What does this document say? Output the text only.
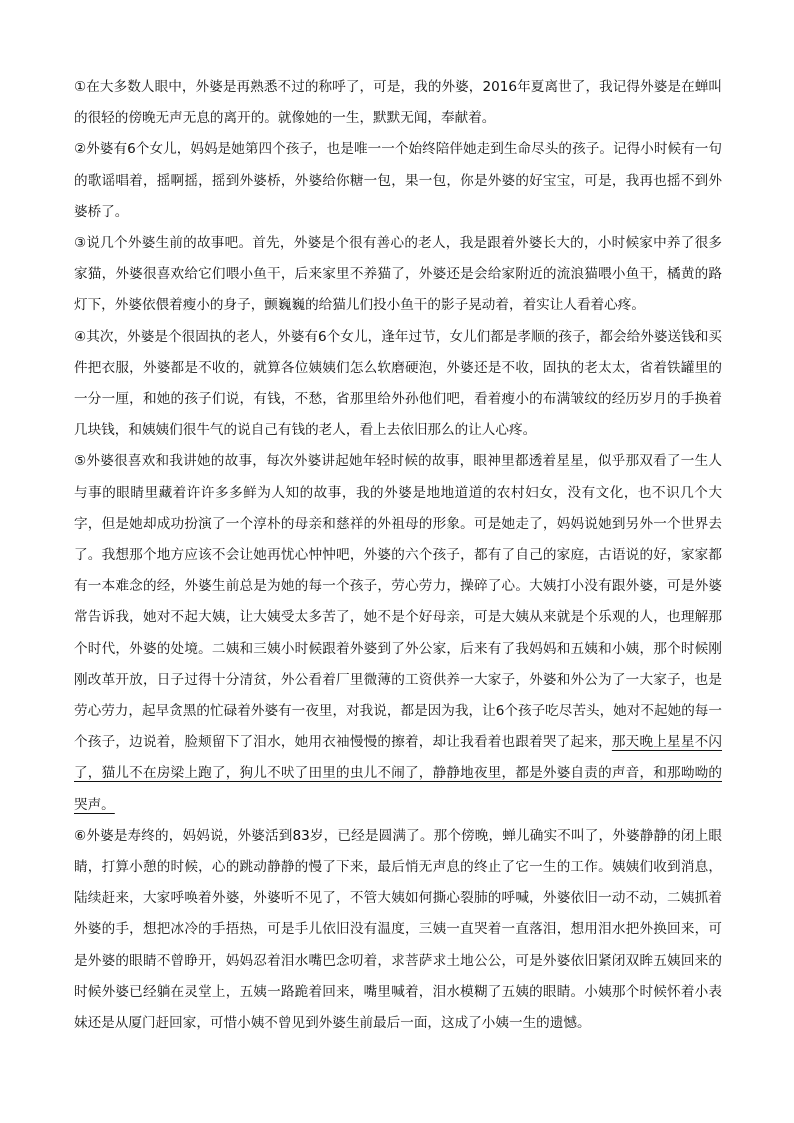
①在大多数人眼中，外婆是再熟悉不过的称呼了，可是，我的外婆，2016年夏离世了，我记得外婆是在蝉叫的很轻的傍晚无声无息的离开的。就像她的一生，默默无闻，奉献着。

②外婆有6个女儿，妈妈是她第四个孩子，也是唯一一个始终陪伴她走到生命尽头的孩子。记得小时候有一句的歌谣唱着，摇啊摇，摇到外婆桥，外婆给你糖一包，果一包，你是外婆的好宝宝，可是，我再也摇不到外婆桥了。

③说几个外婆生前的故事吧。首先，外婆是个很有善心的老人，我是跟着外婆长大的，小时候家中养了很多家猫，外婆很喜欢给它们喂小鱼干，后来家里不养猫了，外婆还是会给家附近的流浪猫喂小鱼干，橘黄的路灯下，外婆依偎着瘦小的身子，颤巍巍的给猫儿们投小鱼干的影子晃动着，着实让人看着心疼。

④其次，外婆是个很固执的老人，外婆有6个女儿，逢年过节，女儿们都是孝顺的孩子，都会给外婆送钱和买件把衣服，外婆都是不收的，就算各位姨姨们怎么软磨硬泡，外婆还是不收，固执的老太太，省着铁罐里的一分一厘，和她的孩子们说，有钱，不愁，省那里给外孙他们吧，看着瘦小的布满皱纹的经历岁月的手换着几块钱，和姨姨们很牛气的说自己有钱的老人，看上去依旧那么的让人心疼。

⑤外婆很喜欢和我讲她的故事，每次外婆讲起她年轻时候的故事，眼神里都透着星星，似乎那双看了一生人与事的眼睛里藏着许许多多鲜为人知的故事，我的外婆是地地道道的农村妇女，没有文化，也不识几个大字，但是她却成功扮演了一个淳朴的母亲和慈祥的外祖母的形象。可是她走了，妈妈说她到另外一个世界去了。我想那个地方应该不会让她再忧心忡忡吧，外婆的六个孩子，都有了自己的家庭，古语说的好，家家都有一本难念的经，外婆生前总是为她的每一个孩子，劳心劳力，操碎了心。大姨打小没有跟外婆，可是外婆常告诉我，她对不起大姨，让大姨受太多苦了，她不是个好母亲，可是大姨从来就是个乐观的人，也理解那个时代，外婆的处境。二姨和三姨小时候跟着外婆到了外公家，后来有了我妈妈和五姨和小姨，那个时候刚刚改革开放，日子过得十分清贫，外公看着厂里微薄的工资供养一大家子，外婆和外公为了一大家子，也是劳心劳力，起早贪黑的忙碌着外婆有一夜里，对我说，都是因为我，让6个孩子吃尽苦头，她对不起她的每一个孩子，边说着，脸颊留下了泪水，她用衣袖慢慢的擦着，却让我看着也跟着哭了起来，那天晚上星星不闪了，猫儿不在房梁上跑了，狗儿不吠了田里的虫儿不闹了，静静地夜里，都是外婆自责的声音，和那呦呦的哭声。

⑥外婆是寿终的，妈妈说，外婆活到83岁，已经是圆满了。那个傍晚，蝉儿确实不叫了，外婆静静的闭上眼睛，打算小憩的时候，心的跳动静静的慢了下来，最后悄无声息的终止了它一生的工作。姨姨们收到消息，陆续赶来，大家呼唤着外婆，外婆听不见了，不管大姨如何撕心裂肺的呼喊，外婆依旧一动不动，二姨抓着外婆的手，想把冰冷的手捂热，可是手儿依旧没有温度，三姨一直哭着一直落泪，想用泪水把外换回来，可是外婆的眼睛不曾睁开，妈妈忍着泪水嘴巴念叨着，求菩萨求土地公公，可是外婆依旧紧闭双眸五姨回来的时候外婆已经躺在灵堂上，五姨一路跪着回来，嘴里喊着，泪水模糊了五姨的眼睛。小姨那个时候怀着小表妹还是从厦门赶回家，可惜小姨不曾见到外婆生前最后一面，这成了小姨一生的遗憾。
